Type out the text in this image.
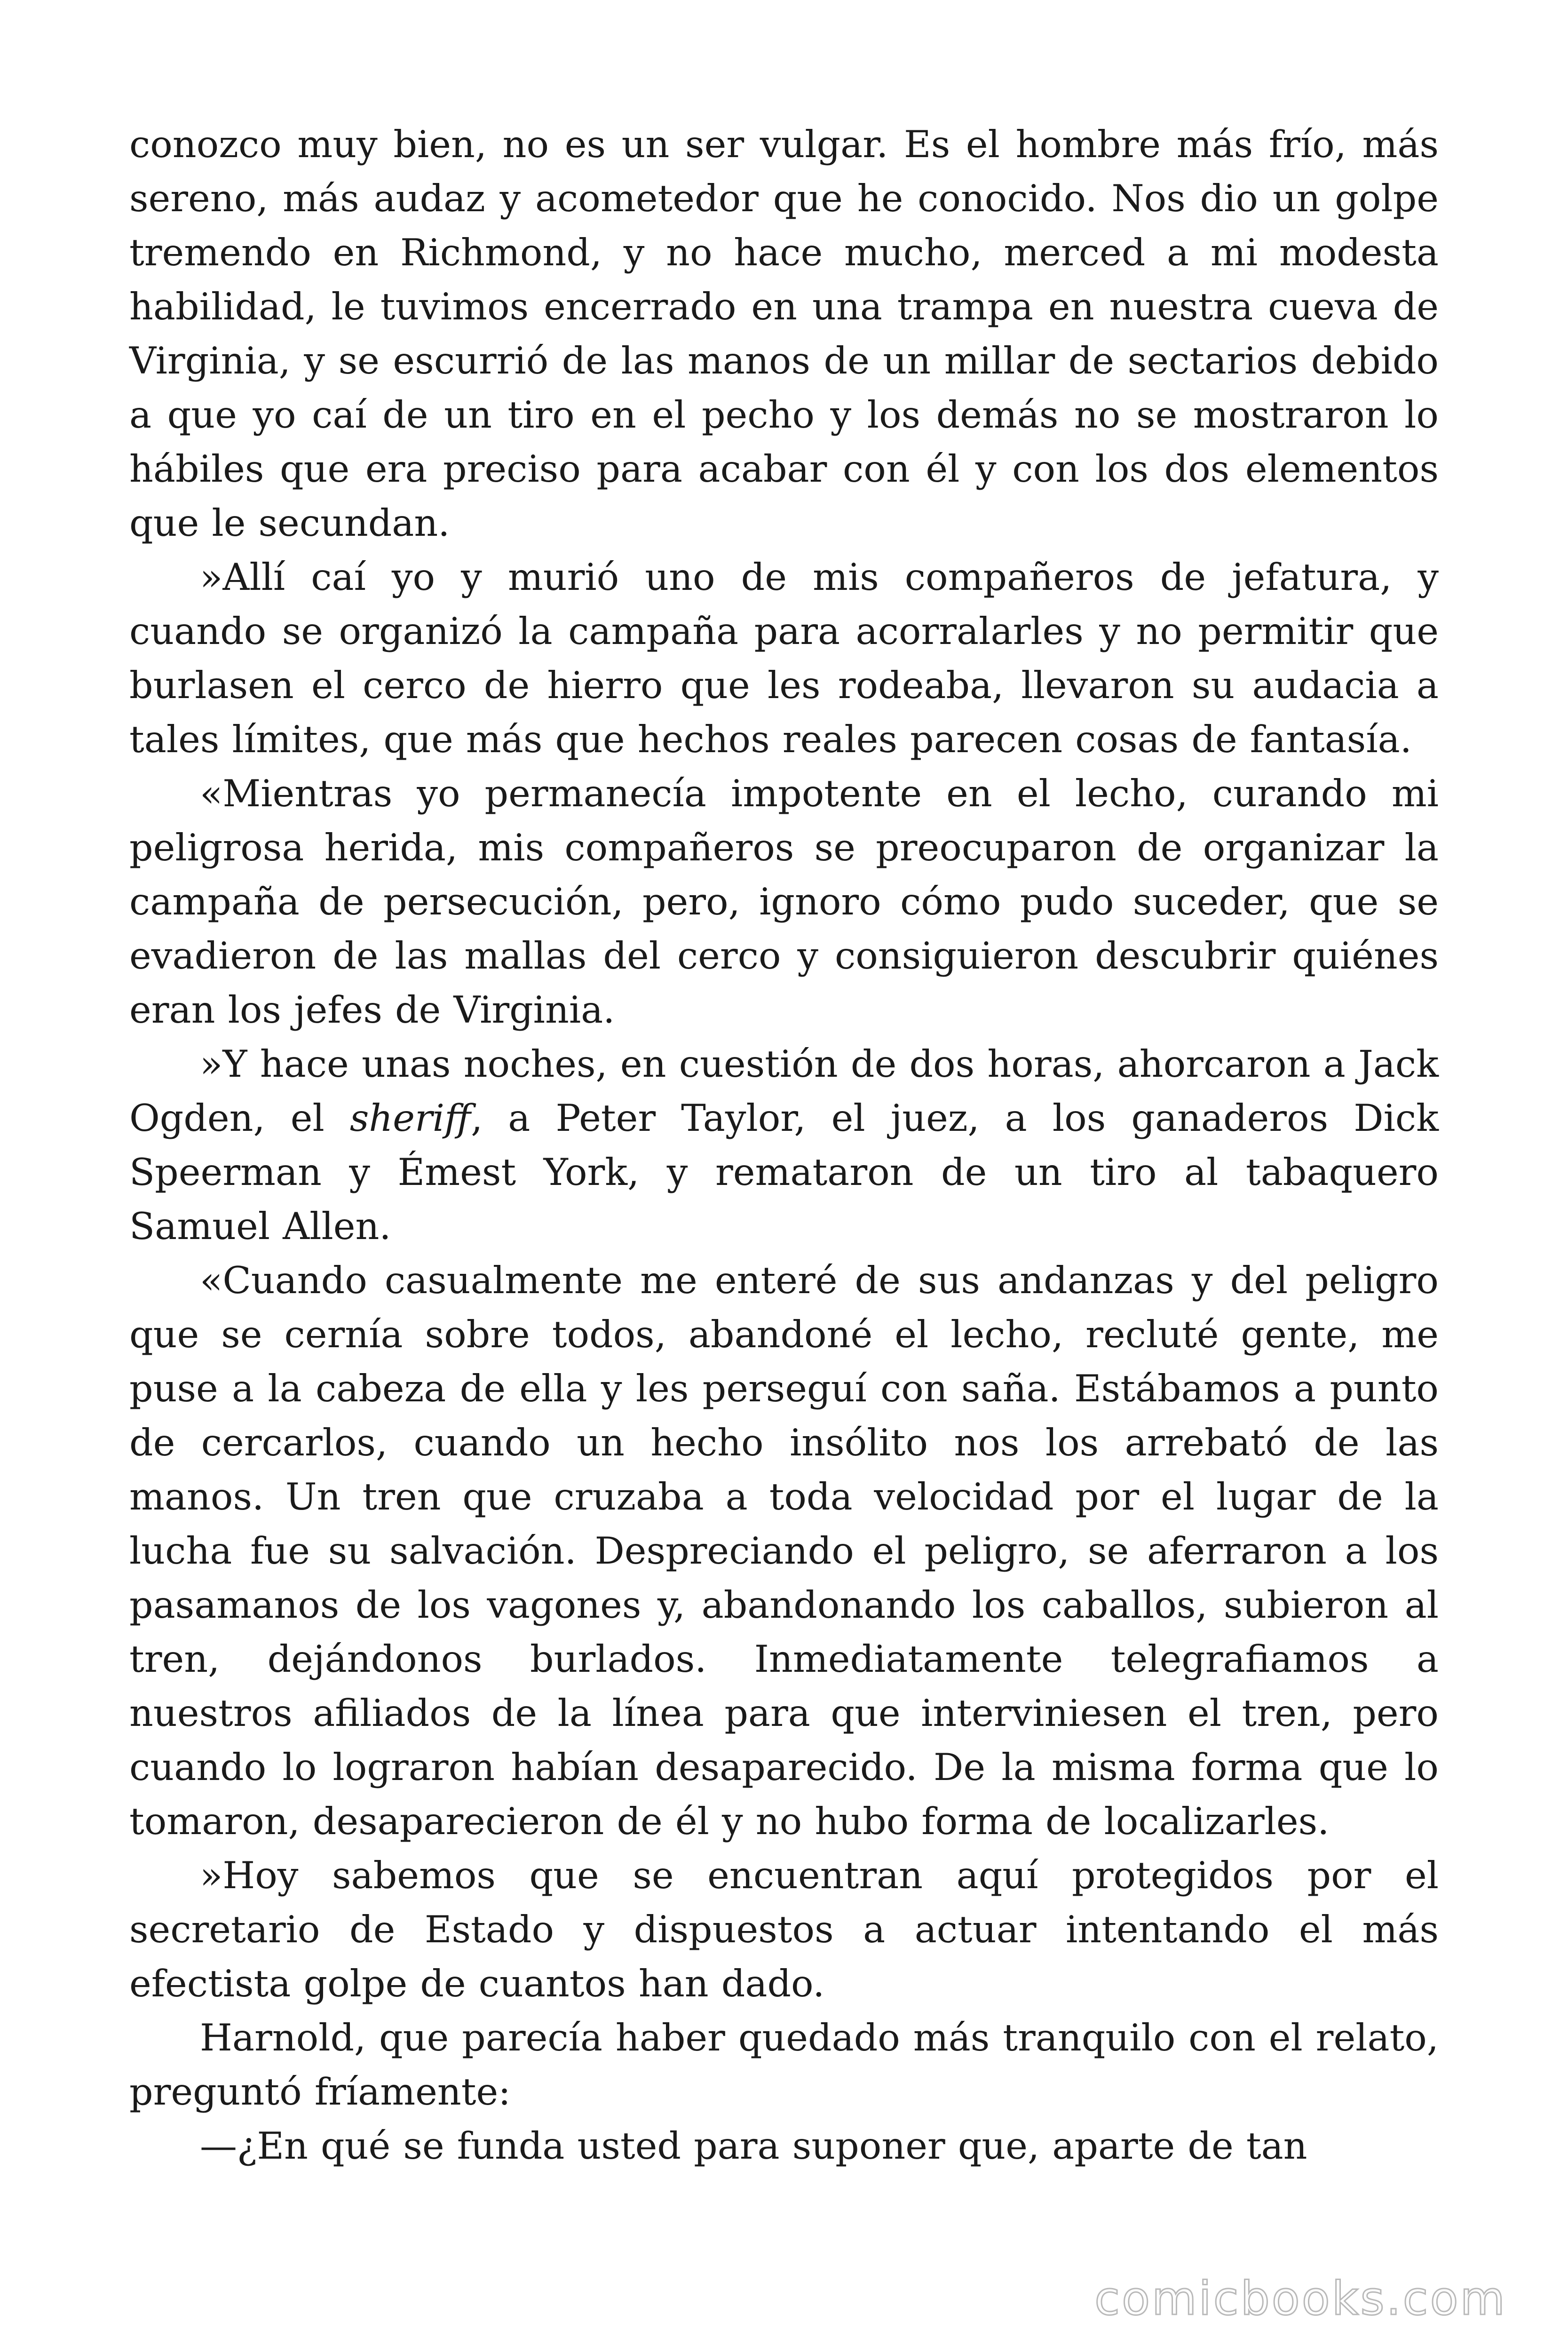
conozco muy bien, no es un ser vulgar. Es el hombre más frío, más sereno, más audaz y acometedor que he conocido. Nos dio un golpe tremendo en Richmond, y no hace mucho, merced a mi modesta habilidad, le tuvimos encerrado en una trampa en nuestra cueva de Virginia, y se escurrió de las manos de un millar de sectarios debido a que yo caí de un tiro en el pecho y los demás no se mostraron lo hábiles que era preciso para acabar con él y con los dos elementos que le secundan.

»Allí caí yo y murió uno de mis compañeros de jefatura, y cuando se organizó la campaña para acorralarles y no permitir que burlasen el cerco de hierro que les rodeaba, llevaron su audacia a tales límites, que más que hechos reales parecen cosas de fantasía.

«Mientras yo permanecía impotente en el lecho, curando mi peligrosa herida, mis compañeros se preocuparon de organizar la campaña de persecución, pero, ignoro cómo pudo suceder, que se evadieron de las mallas del cerco y consiguieron descubrir quiénes eran los jefes de Virginia.

»Y hace unas noches, en cuestión de dos horas, ahorcaron a Jack Ogden, el sheriff, a Peter Taylor, el juez, a los ganaderos Dick Speerman y Émest York, y remataron de un tiro al tabaquero Samuel Allen.

«Cuando casualmente me enteré de sus andanzas y del peligro que se cernía sobre todos, abandoné el lecho, recluté gente, me puse a la cabeza de ella y les perseguí con saña. Estábamos a punto de cercarlos, cuando un hecho insólito nos los arrebató de las manos. Un tren que cruzaba a toda velocidad por el lugar de la lucha fue su salvación. Despreciando el peligro, se aferraron a los pasamanos de los vagones y, abandonando los caballos, subieron al tren, dejándonos burlados. Inmediatamente telegrafiamos a nuestros afiliados de la línea para que interviniesen el tren, pero cuando lo lograron habían desaparecido. De la misma forma que lo tomaron, desaparecieron de él y no hubo forma de localizarles.

»Hoy sabemos que se encuentran aquí protegidos por el secretario de Estado y dispuestos a actuar intentando el más efectista golpe de cuantos han dado.

Harnold, que parecía haber quedado más tranquilo con el relato, preguntó fríamente:

—¿En qué se funda usted para suponer que, aparte de tan

comicbooks.com
